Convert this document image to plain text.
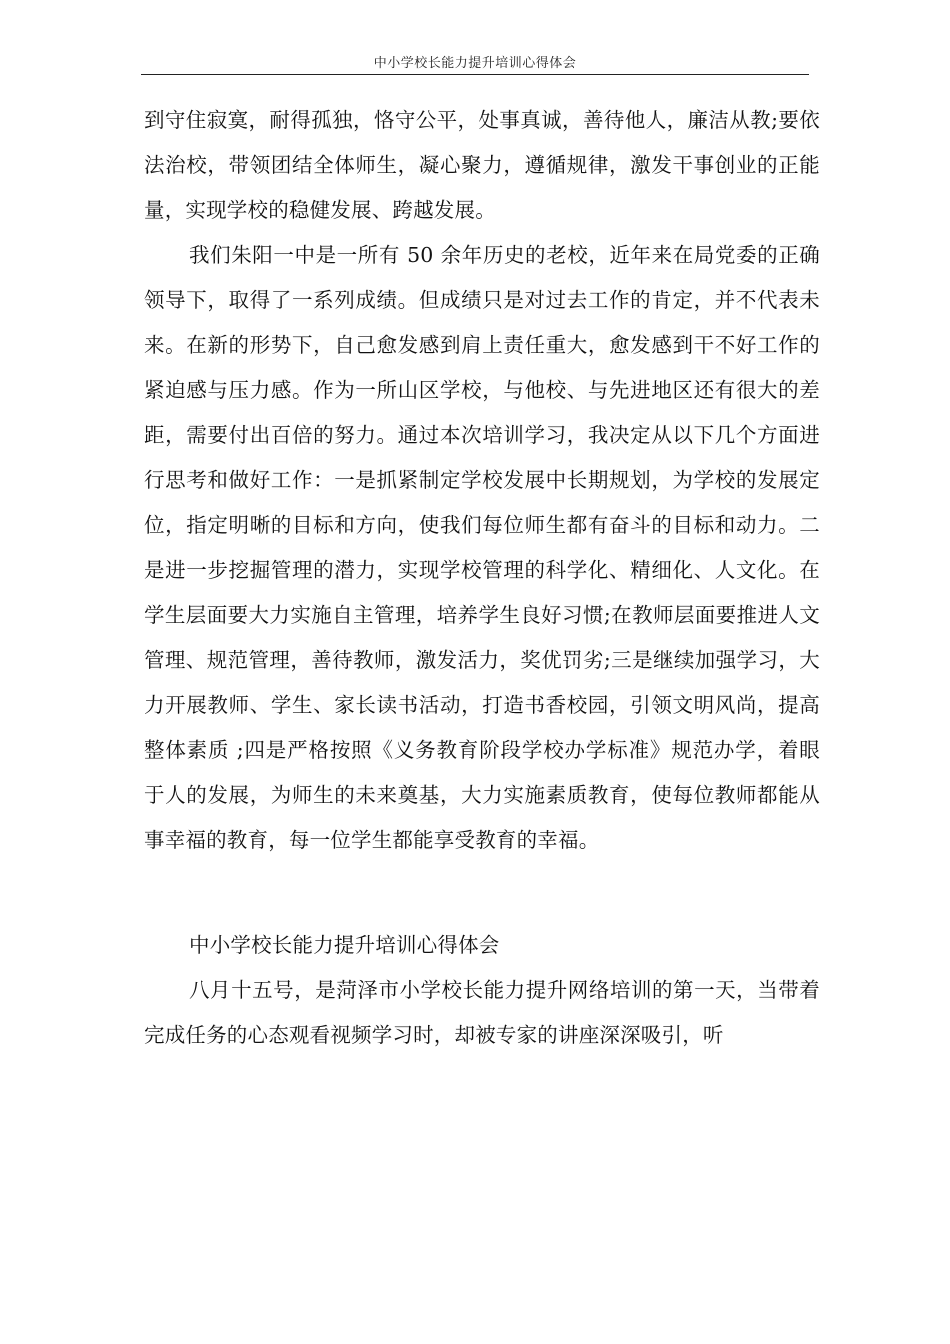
中小学校长能力提升培训心得体会

到守住寂寞，耐得孤独，恪守公平，处事真诚，善待他人，廉洁从教;要依法治校，带领团结全体师生，凝心聚力，遵循规律，激发干事创业的正能量，实现学校的稳健发展、跨越发展。

我们朱阳一中是一所有 50 余年历史的老校，近年来在局党委的正确领导下，取得了一系列成绩。但成绩只是对过去工作的肯定，并不代表未来。在新的形势下，自己愈发感到肩上责任重大，愈发感到干不好工作的紧迫感与压力感。作为一所山区学校，与他校、与先进地区还有很大的差距，需要付出百倍的努力。通过本次培训学习，我决定从以下几个方面进行思考和做好工作：一是抓紧制定学校发展中长期规划，为学校的发展定位，指定明晰的目标和方向，使我们每位师生都有奋斗的目标和动力。二是进一步挖掘管理的潜力，实现学校管理的科学化、精细化、人文化。在学生层面要大力实施自主管理，培养学生良好习惯;在教师层面要推进人文管理、规范管理，善待教师，激发活力，奖优罚劣;三是继续加强学习，大力开展教师、学生、家长读书活动，打造书香校园，引领文明风尚，提高整体素质 ;四是严格按照《义务教育阶段学校办学标准》规范办学，着眼于人的发展，为师生的未来奠基，大力实施素质教育，使每位教师都能从事幸福的教育，每一位学生都能享受教育的幸福。

中小学校长能力提升培训心得体会

八月十五号，是菏泽市小学校长能力提升网络培训的第一天，当带着完成任务的心态观看视频学习时，却被专家的讲座深深吸引，听
